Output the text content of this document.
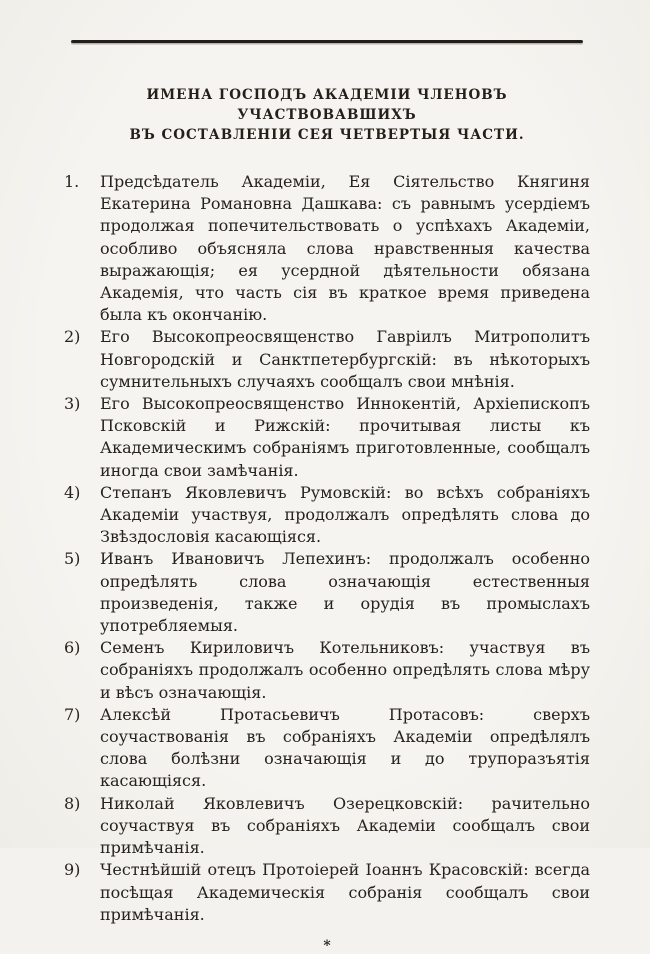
ИМЕНА ГОСПОДЪ АКАДЕМІИ ЧЛЕНОВЪ УЧАСТВОВАВШИХЪ
ВЪ СОСТАВЛЕНІИ СЕЯ ЧЕТВЕРТЫЯ ЧАСТИ.
1.	Предсѣдатель Академіи, Ея Сіятельство Княгиня Екатерина Романовна Дашкава: съ равнымъ усердіемъ продолжая попечительствовать о успѣхахъ Академіи, особливо объясняла слова нравственныя качества выражающія; ея усердной дѣятельности обязана Академія, что часть сія въ краткое время приведена была къ окончанію.
2)	Его Высокопреосвященство Гавріилъ Митрополитъ Новгородскій и Санктпетербургскій: въ нѣкоторыхъ сумнительныхъ случаяхъ сообщалъ свои мнѣнія.
3)	Его Высокопреосвященство Иннокентій, Архіепископъ Псковскій и Рижскій: прочитывая листы къ Академическимъ собраніямъ приготовленные, сообщалъ иногда свои замѣчанія.
4)	Степанъ Яковлевичъ Румовскій: во всѣхъ собраніяхъ Академіи участвуя, продолжалъ опредѣлять слова до Звѣздословія касающіяся.
5)	Иванъ Ивановичъ Лепехинъ: продолжалъ особенно опредѣлять слова означающія естественныя произведенія, также и орудія въ промыслахъ употребляемыя.
6)	Семенъ Кириловичъ Котельниковъ: участвуя въ собраніяхъ продолжалъ особенно опредѣлять слова мѣру и вѣсъ означающія.
7)	Алексѣй Протасьевичъ Протасовъ: сверхъ соучаствованія въ собраніяхъ Академіи опредѣлялъ слова болѣзни означающія и до трупоразъятія касающіяся.
8)	Николай Яковлевичъ Озерецковскій: рачительно соучаствуя въ собраніяхъ Академіи сообщалъ свои примѣчанія.
9)	Честнѣйшій отецъ Протоіерей Іоаннъ Красовскій: всегда посѣщая Академическія собранія сообщалъ свои примѣчанія.
*
